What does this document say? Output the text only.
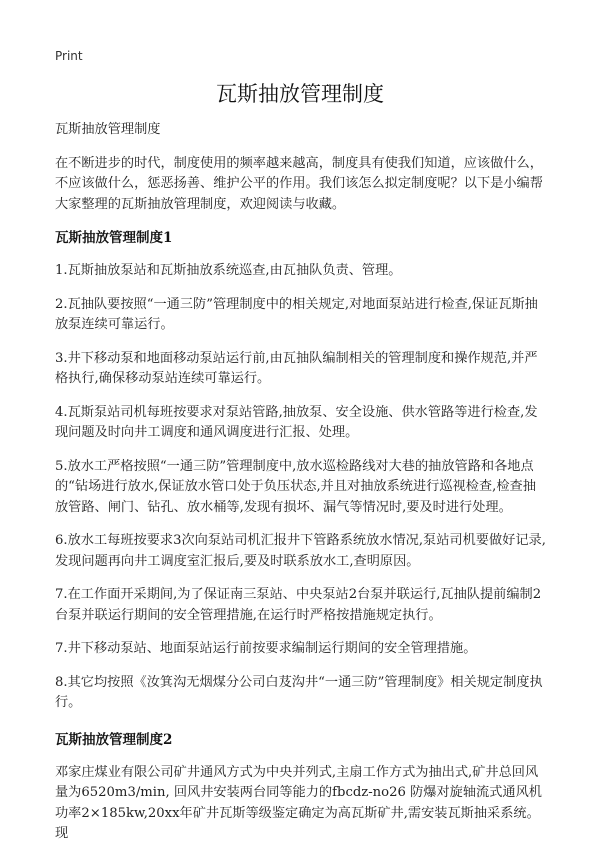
Print
瓦斯抽放管理制度

瓦斯抽放管理制度

在不断进步的时代，制度使用的频率越来越高，制度具有使我们知道，应该做什么，不应该做什么，惩恶扬善、维护公平的作用。我们该怎么拟定制度呢？以下是小编帮大家整理的瓦斯抽放管理制度，欢迎阅读与收藏。

瓦斯抽放管理制度1

1.瓦斯抽放泵站和瓦斯抽放系统巡查,由瓦抽队负责、管理。

2.瓦抽队要按照“一通三防”管理制度中的相关规定,对地面泵站进行检查,保证瓦斯抽放泵连续可靠运行。

3.井下移动泵和地面移动泵站运行前,由瓦抽队编制相关的管理制度和操作规范,并严格执行,确保移动泵站连续可靠运行。

4.瓦斯泵站司机每班按要求对泵站管路,抽放泵、安全设施、供水管路等进行检查,发现问题及时向井工调度和通风调度进行汇报、处理。

5.放水工严格按照“一通三防”管理制度中,放水巡检路线对大巷的抽放管路和各地点的“钻场进行放水,保证放水管口处于负压状态,并且对抽放系统进行巡视检查,检查抽放管路、闸门、钻孔、放水桶等,发现有损坏、漏气等情况时,要及时进行处理。

6.放水工每班按要求3次向泵站司机汇报井下管路系统放水情况,泵站司机要做好记录,发现问题再向井工调度室汇报后,要及时联系放水工,查明原因。

7.在工作面开采期间,为了保证南三泵站、中央泵站2台泵并联运行,瓦抽队提前编制2台泵并联运行期间的安全管理措施,在运行时严格按措施规定执行。

7.井下移动泵站、地面泵站运行前按要求编制运行期间的安全管理措施。

8.其它均按照《汝箕沟无烟煤分公司白芨沟井“一通三防”管理制度》相关规定制度执行。

瓦斯抽放管理制度2

邓家庄煤业有限公司矿井通风方式为中央并列式,主扇工作方式为抽出式,矿井总回风量为6520m3/min, 回风井安装两台同等能力的fbcdz-no26 防爆对旋轴流式通风机功率2×185kw,20xx年矿井瓦斯等级鉴定确定为高瓦斯矿井,需安装瓦斯抽采系统。现
